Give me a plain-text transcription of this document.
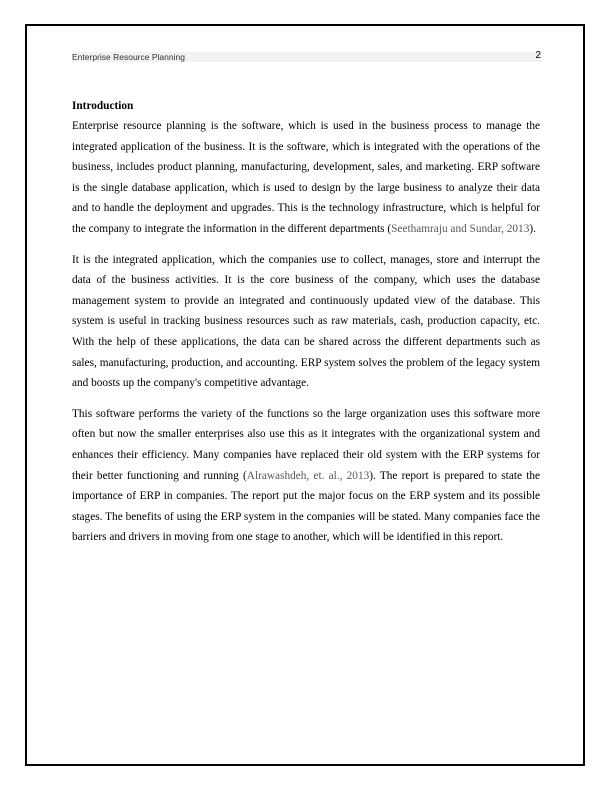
Enterprise Resource Planning	2
Introduction

Enterprise resource planning is the software, which is used in the business process to manage the integrated application of the business. It is the software, which is integrated with the operations of the business, includes product planning, manufacturing, development, sales, and marketing. ERP software is the single database application, which is used to design by the large business to analyze their data and to handle the deployment and upgrades. This is the technology infrastructure, which is helpful for the company to integrate the information in the different departments (Seethamraju and Sundar, 2013).

It is the integrated application, which the companies use to collect, manages, store and interrupt the data of the business activities. It is the core business of the company, which uses the database management system to provide an integrated and continuously updated view of the database. This system is useful in tracking business resources such as raw materials, cash, production capacity, etc. With the help of these applications, the data can be shared across the different departments such as sales, manufacturing, production, and accounting. ERP system solves the problem of the legacy system and boosts up the company's competitive advantage.

This software performs the variety of the functions so the large organization uses this software more often but now the smaller enterprises also use this as it integrates with the organizational system and enhances their efficiency. Many companies have replaced their old system with the ERP systems for their better functioning and running (Alrawashdeh, et. al., 2013). The report is prepared to state the importance of ERP in companies. The report put the major focus on the ERP system and its possible stages. The benefits of using the ERP system in the companies will be stated. Many companies face the barriers and drivers in moving from one stage to another, which will be identified in this report.
